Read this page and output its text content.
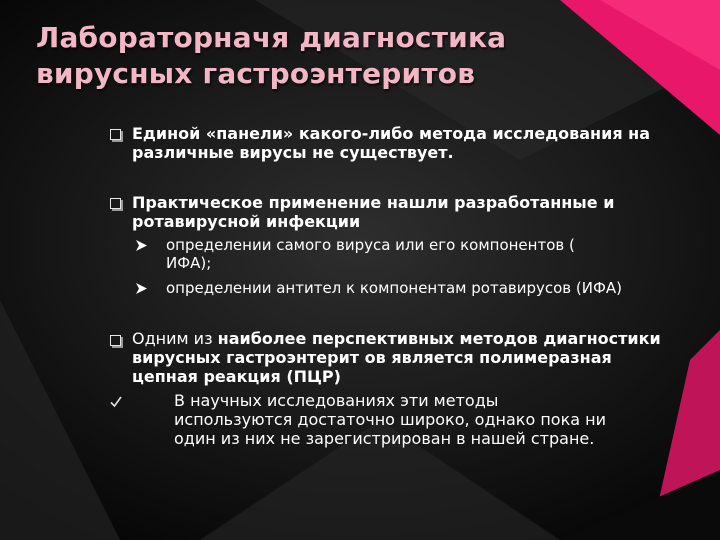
Лабораторначя диагностика
вирусных гастроэнтеритов
Единой «панели» какого-либо метода исследования на
различные вирусы не существует.
Практическое применение нашли разработанные и
ротавирусной инфекции
определении самого вируса или его компонентов (
ИФА);
определении антител к компонентам ротавирусов (ИФА)
Одним из наиболее перспективных методов диагностики
вирусных гастроэнтерит ов является полимеразная
цепная реакция (ПЦР)
В научных исследованиях эти методы
используются достаточно широко, однако пока ни
один из них не зарегистрирован в нашей стране.
